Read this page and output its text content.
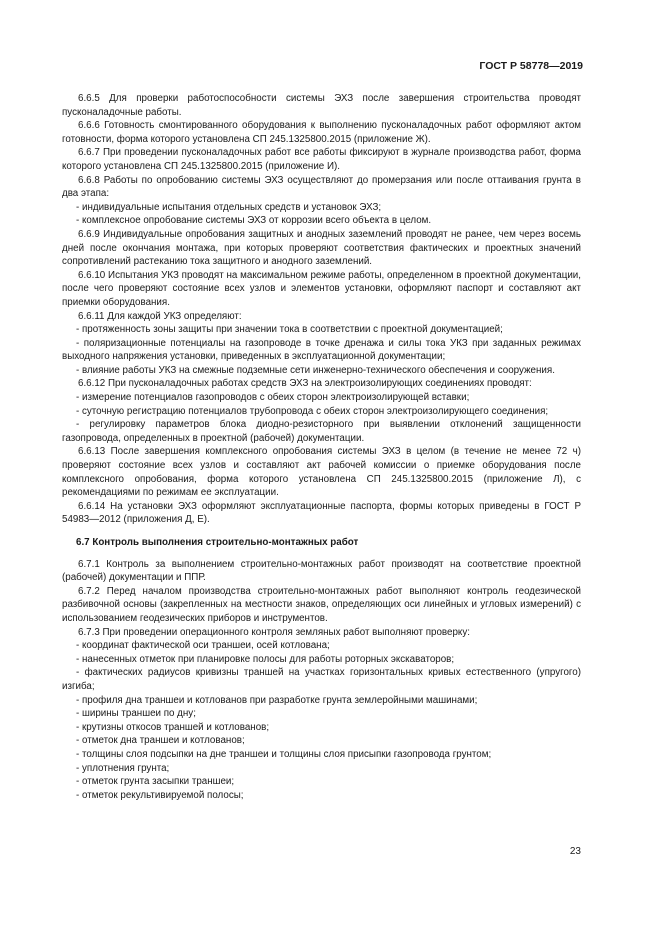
ГОСТ Р 58778—2019

6.6.5 Для проверки работоспособности системы ЭХЗ после завершения строительства проводят пусконаладочные работы.

6.6.6 Готовность смонтированного оборудования к выполнению пусконаладочных работ оформляют актом готовности, форма которого установлена СП 245.1325800.2015 (приложение Ж).

6.6.7 При проведении пусконаладочных работ все работы фиксируют в журнале производства работ, форма которого установлена СП 245.1325800.2015 (приложение И).

6.6.8 Работы по опробованию системы ЭХЗ осуществляют до промерзания или после оттаивания грунта в два этапа:

- индивидуальные испытания отдельных средств и установок ЭХЗ;

- комплексное опробование системы ЭХЗ от коррозии всего объекта в целом.

6.6.9 Индивидуальные опробования защитных и анодных заземлений проводят не ранее, чем через восемь дней после окончания монтажа, при которых проверяют соответствия фактических и проектных значений сопротивлений растеканию тока защитного и анодного заземлений.

6.6.10 Испытания УКЗ проводят на максимальном режиме работы, определенном в проектной документации, после чего проверяют состояние всех узлов и элементов установки, оформляют паспорт и составляют акт приемки оборудования.

6.6.11 Для каждой УКЗ определяют:

- протяженность зоны защиты при значении тока в соответствии с проектной документацией;

- поляризационные потенциалы на газопроводе в точке дренажа и силы тока УКЗ при заданных режимах выходного напряжения установки, приведенных в эксплуатационной документации;

- влияние работы УКЗ на смежные подземные сети инженерно-технического обеспечения и сооружения.

6.6.12 При пусконаладочных работах средств ЭХЗ на электроизолирующих соединениях проводят:

- измерение потенциалов газопроводов с обеих сторон электроизолирующей вставки;

- суточную регистрацию потенциалов трубопровода с обеих сторон электроизолирующего соединения;

- регулировку параметров блока диодно-резисторного при выявлении отклонений защищенности газопровода, определенных в проектной (рабочей) документации.

6.6.13 После завершения комплексного опробования системы ЭХЗ в целом (в течение не менее 72 ч) проверяют состояние всех узлов и составляют акт рабочей комиссии о приемке оборудования после комплексного опробования, форма которого установлена СП 245.1325800.2015 (приложение Л), с рекомендациями по режимам ее эксплуатации.

6.6.14 На установки ЭХЗ оформляют эксплуатационные паспорта, формы которых приведены в ГОСТ Р 54983—2012 (приложения Д, Е).

6.7 Контроль выполнения строительно-монтажных работ

6.7.1 Контроль за выполнением строительно-монтажных работ производят на соответствие проектной (рабочей) документации и ППР.

6.7.2 Перед началом производства строительно-монтажных работ выполняют контроль геодезической разбивочной основы (закрепленных на местности знаков, определяющих оси линейных и угловых измерений) с использованием геодезических приборов и инструментов.

6.7.3 При проведении операционного контроля земляных работ выполняют проверку:

- координат фактической оси траншеи, осей котлована;

- нанесенных отметок при планировке полосы для работы роторных экскаваторов;

- фактических радиусов кривизны траншей на участках горизонтальных кривых естественного (упругого) изгиба;

- профиля дна траншеи и котлованов при разработке грунта землеройными машинами;

- ширины траншеи по дну;

- крутизны откосов траншей и котлованов;

- отметок дна траншеи и котлованов;

- толщины слоя подсыпки на дне траншеи и толщины слоя присыпки газопровода грунтом;

- уплотнения грунта;

- отметок грунта засыпки траншеи;

- отметок рекультивируемой полосы;

23
